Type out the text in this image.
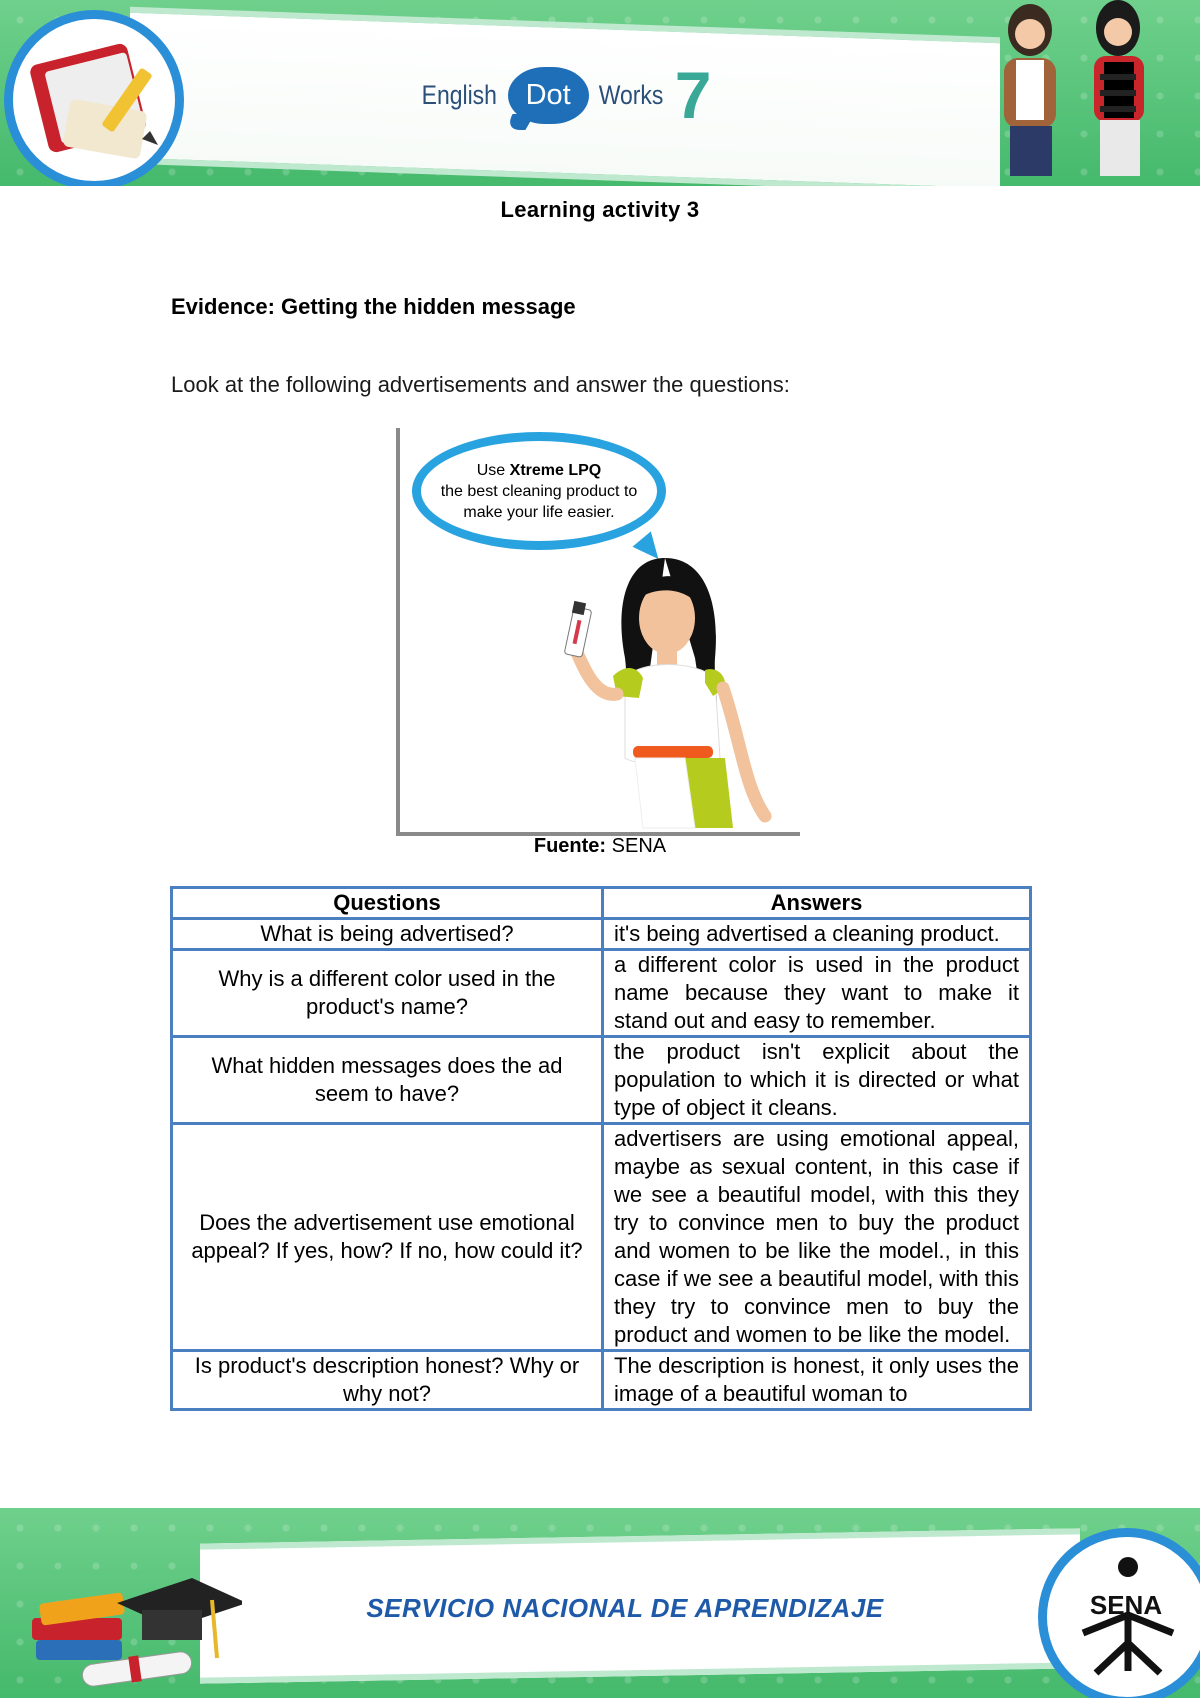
English Dot	Works 7
Learning activity 3
Evidence: Getting the hidden message
Look at the following advertisements and answer the questions:
Use Xtreme LPQ
the best cleaning product to
make your life easier.
Fuente: SENA
Questions	Answers
What is being advertised?	it's being advertised a cleaning product.
Why is a different color used in the product's name?	a different color is used in the product name because they want to make it stand out and easy to remember.
What hidden messages does the ad seem to have?	the product isn't explicit about the population to which it is directed or what type of object it cleans.
Does the advertisement use emotional appeal? If yes, how? If no, how could it?	advertisers are using emotional appeal, maybe as sexual content, in this case if we see a beautiful model, with this they try to convince men to buy the product and women to be like the model., in this case if we see a beautiful model, with this they try to convince men to buy the product and women to be like the model.
Is product's description honest? Why or why not?	The description is honest, it only uses the image of a beautiful woman to
SERVICIO NACIONAL DE APRENDIZAJE	SENA
